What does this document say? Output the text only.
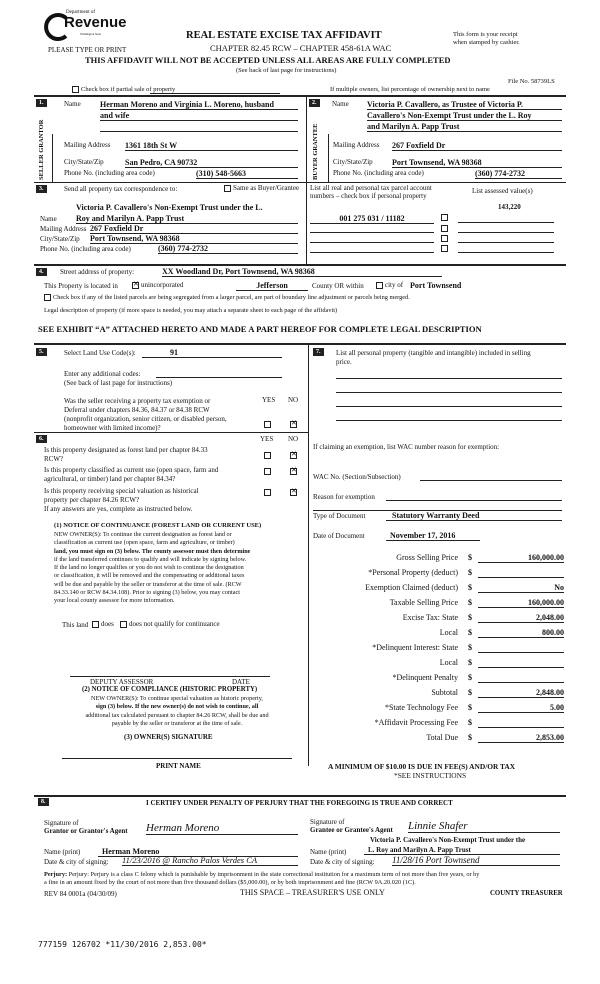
Department of
Revenue
Washington State
PLEASE TYPE OR PRINT
REAL ESTATE EXCISE TAX AFFIDAVIT
CHAPTER 82.45 RCW – CHAPTER 458-61A WAC
THIS AFFIDAVIT WILL NOT BE ACCEPTED UNLESS ALL AREAS ARE FULLY COMPLETED
(See back of last page for instructions)
This form is your receipt
when stamped by cashier.
File No. 58739LS
Check box if partial sale of property	If multiple owners, list percentage of ownership next to name
1.	Name Herman Moreno and Virginia L. Moreno, husband
and wife
SELLER GRANTOR	Mailing Address 1361 18th St W
City/State/Zip	San Pedro, CA 90732
Phone No. (including area code)	(310) 548-5663
2.	Name Victoria P. Cavallero, as Trustee of Victoria P.
Cavallero's Non-Exempt Trust under the L. Roy
and Marilyn A. Papp Trust
BUYER GRANTEE Mailing Address 267 Foxfield Dr
City/State/Zip Port Townsend, WA 98368
Phone No. (including area code)	(360) 774-2732
3.	Send all property tax correspondence to:	Same as Buyer/Grantee
Victoria P. Cavallero's Non-Exempt Trust under the L.
Name Roy and Marilyn A. Papp Trust
Mailing Address 267 Foxfield Dr
City/State/Zip Port Townsend, WA 98368
Phone No. (including area code)	(360) 774-2732
List all real and personal tax parcel account
numbers – check box if personal property
List assessed value(s)
143,220
001 275 031 / 11182
4.	Street address of property:	XX Woodland Dr, Port Townsend, WA 98368
This Property is located in ✕	unincorporated	Jefferson	County OR within	city of Port Townsend
Check box if any of the listed parcels are being segregated from a larger parcel, are part of boundary line adjustment or parcels being merged.
Legal description of property (if more space is needed, you may attach a separate sheet to each page of the affidavit)
SEE EXHIBIT “A” ATTACHED HERETO AND MADE A PART HEREOF FOR COMPLETE LEGAL DESCRIPTION
5.	Select Land Use Code(s):	91
Enter any additional codes:
(See back of last page for instructions)
YES NO
Was the seller receiving a property tax exemption or
Deferral under chapters 84.36, 84.37 or 84.38 RCW
(nonprofit organization, senior citizen, or disabled person,
homeowner with limited income)?
✕
6.	YES NO
Is this property designated as forest land per chapter 84.33
RCW?
✕
Is this property classified as current use (open space, farm and
agricultural, or timber) land per chapter 84.34?
✕
Is this property receiving special valuation as historical
property per chapter 84.26 RCW?
✕
If any answers are yes, complete as instructed below.
(1) NOTICE OF CONTINUANCE (FOREST LAND OR CURRENT USE)
NEW OWNER(S): To continue the current designation as forest land or
classification as current use (open space, farm and agriculture, or timber)
land, you must sign on (3) below. The county assessor must then determine
if the land transferred continues to qualify and will indicate by signing below.
If the land no longer qualifies or you do not wish to continue the designation
or classification, it will be removed and the compensating or additional taxes
will be due and payable by the seller or transferor at the time of sale. (RCW
84.33.140 or RCW 84.34.108). Prior to signing (3) below, you may contact
your local county assessor for more information.
This land	does	does not qualify for continuance
DEPUTY ASSESSOR	DATE
(2) NOTICE OF COMPLIANCE (HISTORIC PROPERTY)
NEW OWNER(S): To continue special valuation as historic property,
sign (3) below. If the new owner(s) do not wish to continue, all
additional tax calculated pursuant to chapter 84.26 RCW, shall be due and
payable by the seller or transferor at the time of sale.
(3) OWNER(S) SIGNATURE
PRINT NAME
7.	List all personal property (tangible and intangible) included in selling
price.
If claiming an exemption, list WAC number reason for exemption:
WAC No. (Section/Subsection)
Reason for exemption
Type of Document	Statutory Warranty Deed
Date of Document	November 17, 2016
Gross Selling Price $	160,000.00
*Personal Property (deduct) $
Exemption Claimed (deduct) $	No
Taxable Selling Price $	160,000.00
Excise Tax: State $	2,048.00
Local $	800.00
*Delinquent Interest: State $
Local $
*Delinquent Penalty $
Subtotal $	2,848.00
*State Technology Fee $	5.00
*Affidavit Processing Fee $
Total Due $	2,853.00
A MINIMUM OF $10.00 IS DUE IN FEE(S) AND/OR TAX
*SEE INSTRUCTIONS
8.	I CERTIFY UNDER PENALTY OF PERJURY THAT THE FOREGOING IS TRUE AND CORRECT
Signature of
Grantor or Grantor's Agent Herman Moreno	Signature of
Grantee or Grantee's Agent Linnie Shafer
Victoria P. Cavallero's Non-Exempt Trust under the
Name (print)	Herman Moreno	Name (print)	L. Roy and Marilyn A. Papp Trust
Date & city of signing: 11/23/2016 @ Rancho Palos Verdes CA	Date & city of signing: 11/28/16 Port Townsend
Perjury: Perjury: Perjury is a class C felony which is punishable by imprisonment in the state correctional institution for a maximum term of not more than five years, or by
a fine in an amount fixed by the court of not more than five thousand dollars ($5,000.00), or by both imprisonment and fine (RCW 9A.20.020 (1C).
REV 84 0001a (04/30/09)	THIS SPACE – TREASURER'S USE ONLY	COUNTY TREASURER
777159 126702 *11/30/2016 2,853.00*
